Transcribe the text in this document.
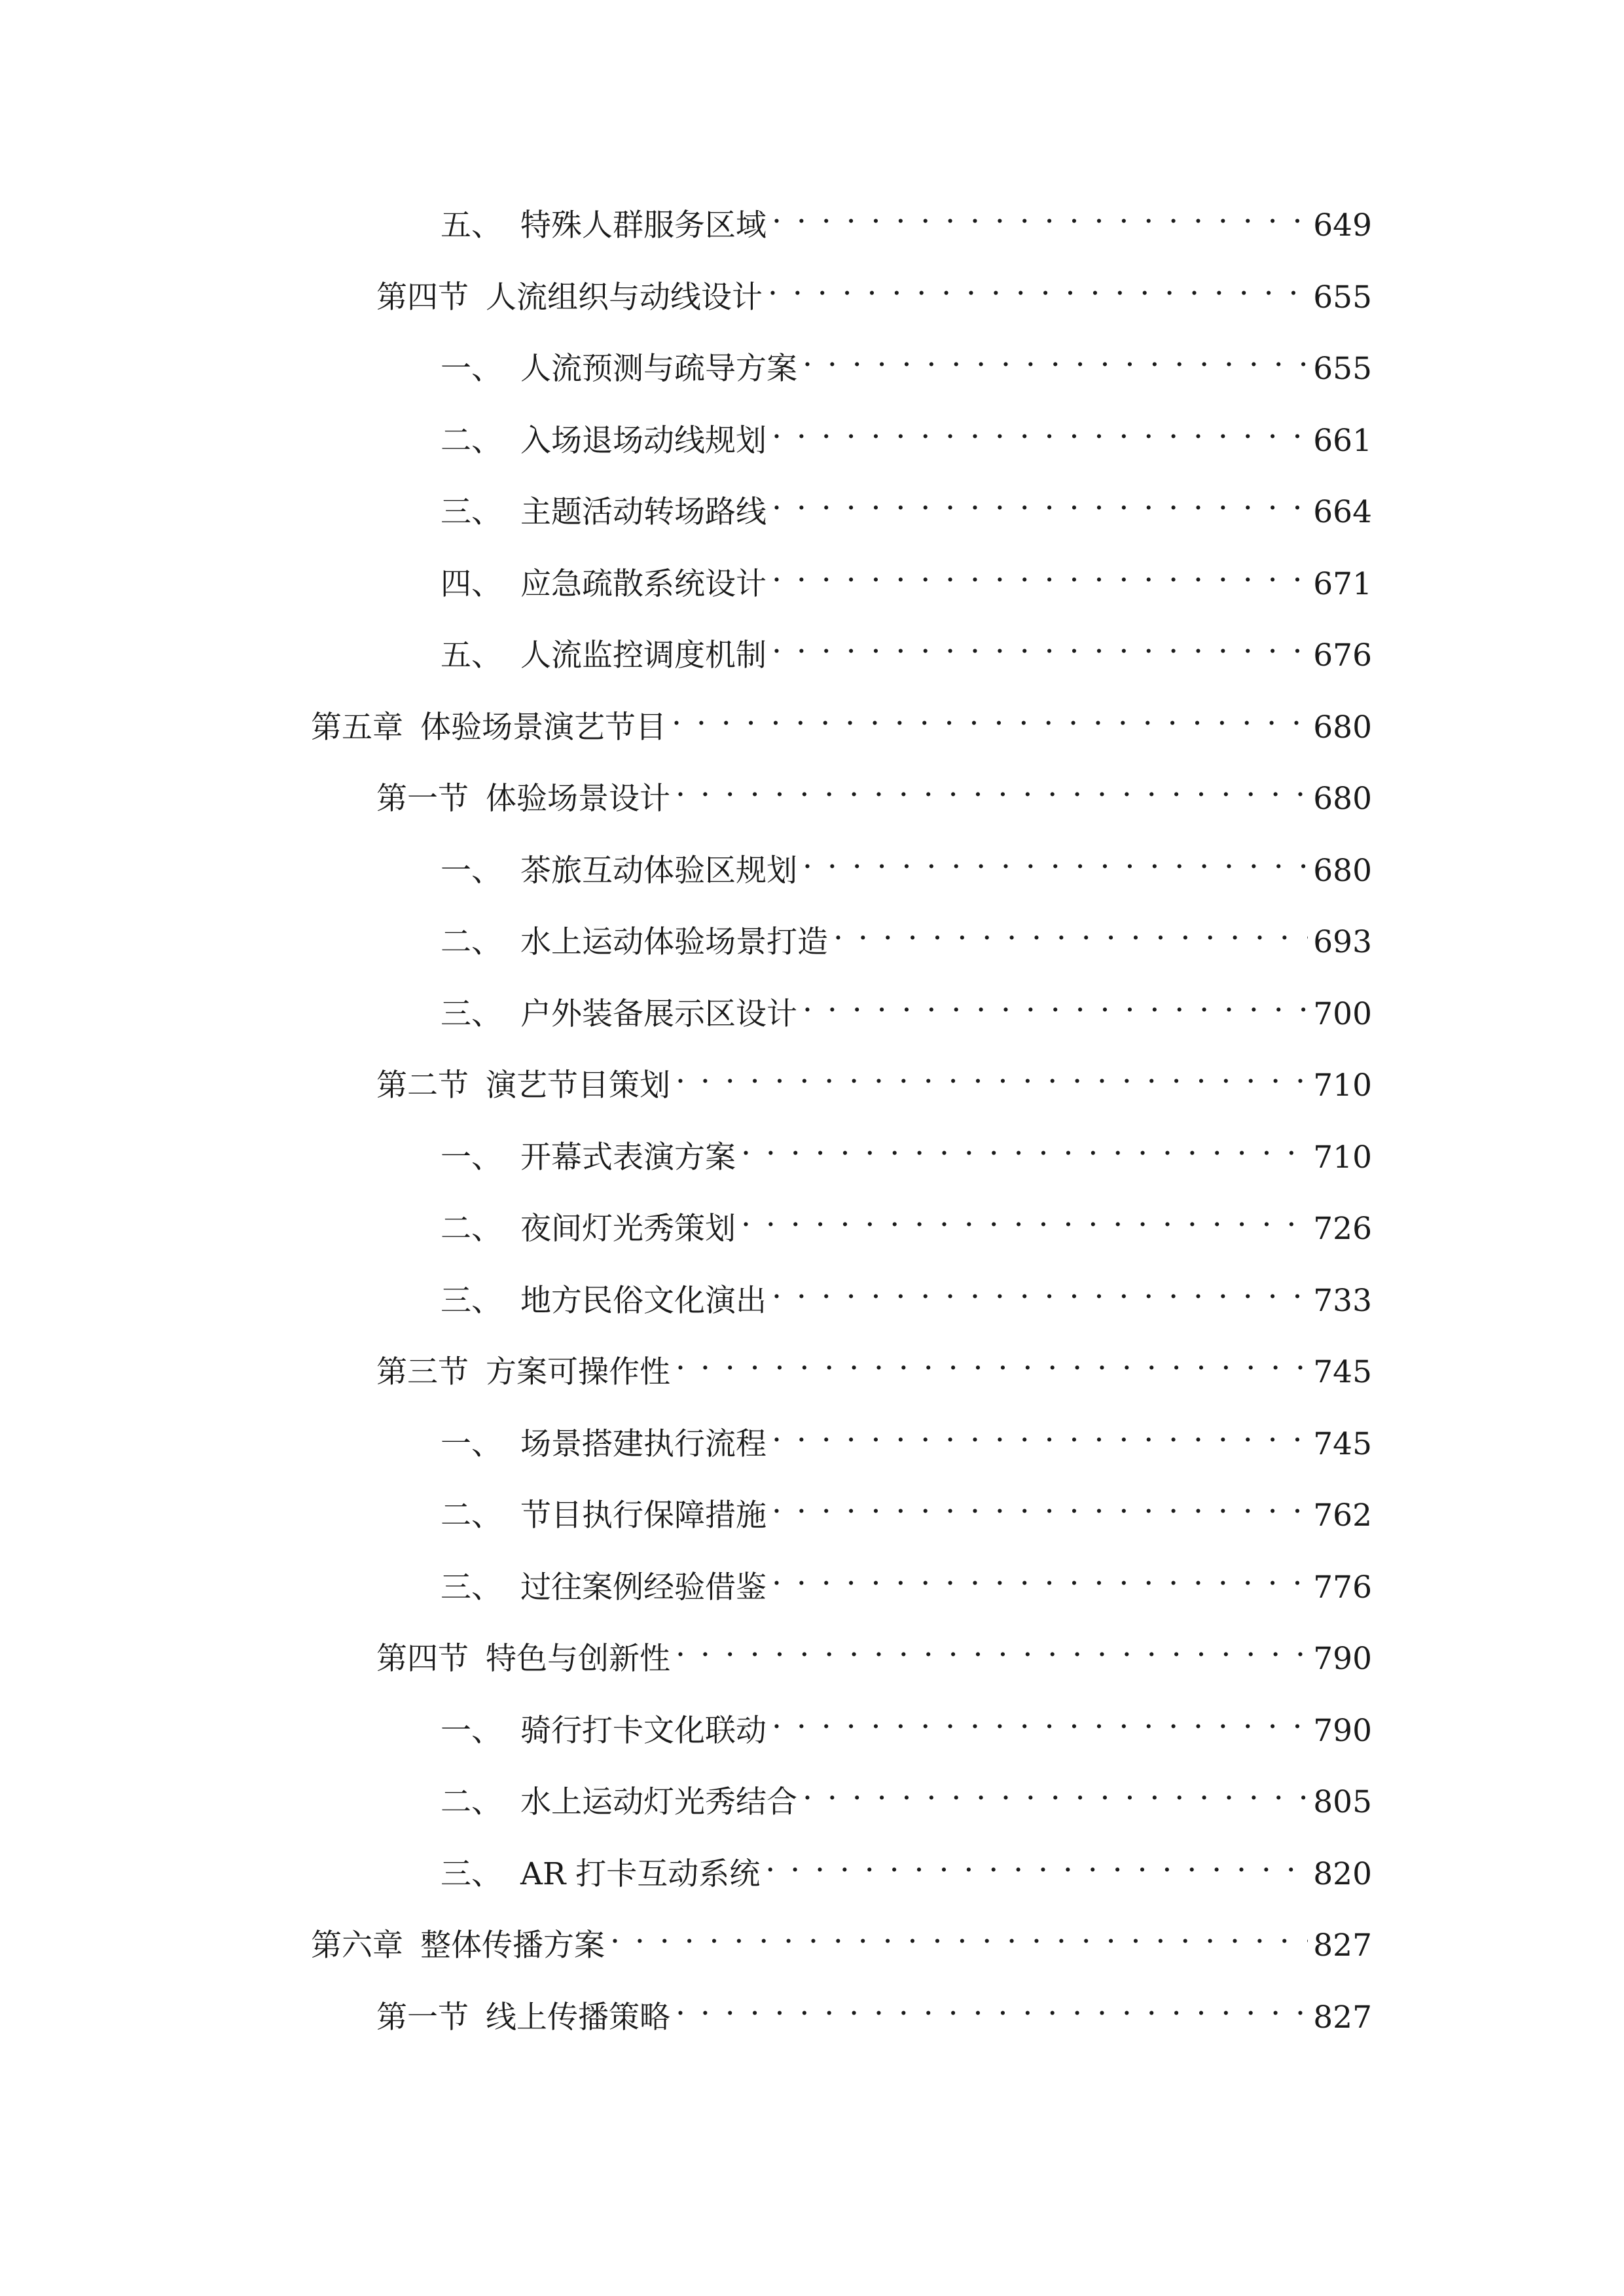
五、 特殊人群服务区域 . . .	649
第四节 人流组织与动线设计 . . .	655
一、 人流预测与疏导方案 . . .	655
二、 入场退场动线规划 . . .	661
三、 主题活动转场路线 . . .	664
四、 应急疏散系统设计 . . .	671
五、 人流监控调度机制 . . .	676
第五章 体验场景演艺节目 . . .	680
第一节 体验场景设计 . . .	680
一、 茶旅互动体验区规划 . . .	680
二、 水上运动体验场景打造 . . .	693
三、 户外装备展示区设计 . . .	700
第二节 演艺节目策划 . . .	710
一、 开幕式表演方案 . . .	710
二、 夜间灯光秀策划 . . .	726
三、 地方民俗文化演出 . . .	733
第三节 方案可操作性 . . .	745
一、 场景搭建执行流程 . . .	745
二、 节目执行保障措施 . . .	762
三、 过往案例经验借鉴 . . .	776
第四节 特色与创新性 . . .	790
一、 骑行打卡文化联动 . . .	790
二、 水上运动灯光秀结合 . . .	805
三、 AR 打卡互动系统 . . .	820
第六章 整体传播方案 . . .	827
第一节 线上传播策略 . . .	827
